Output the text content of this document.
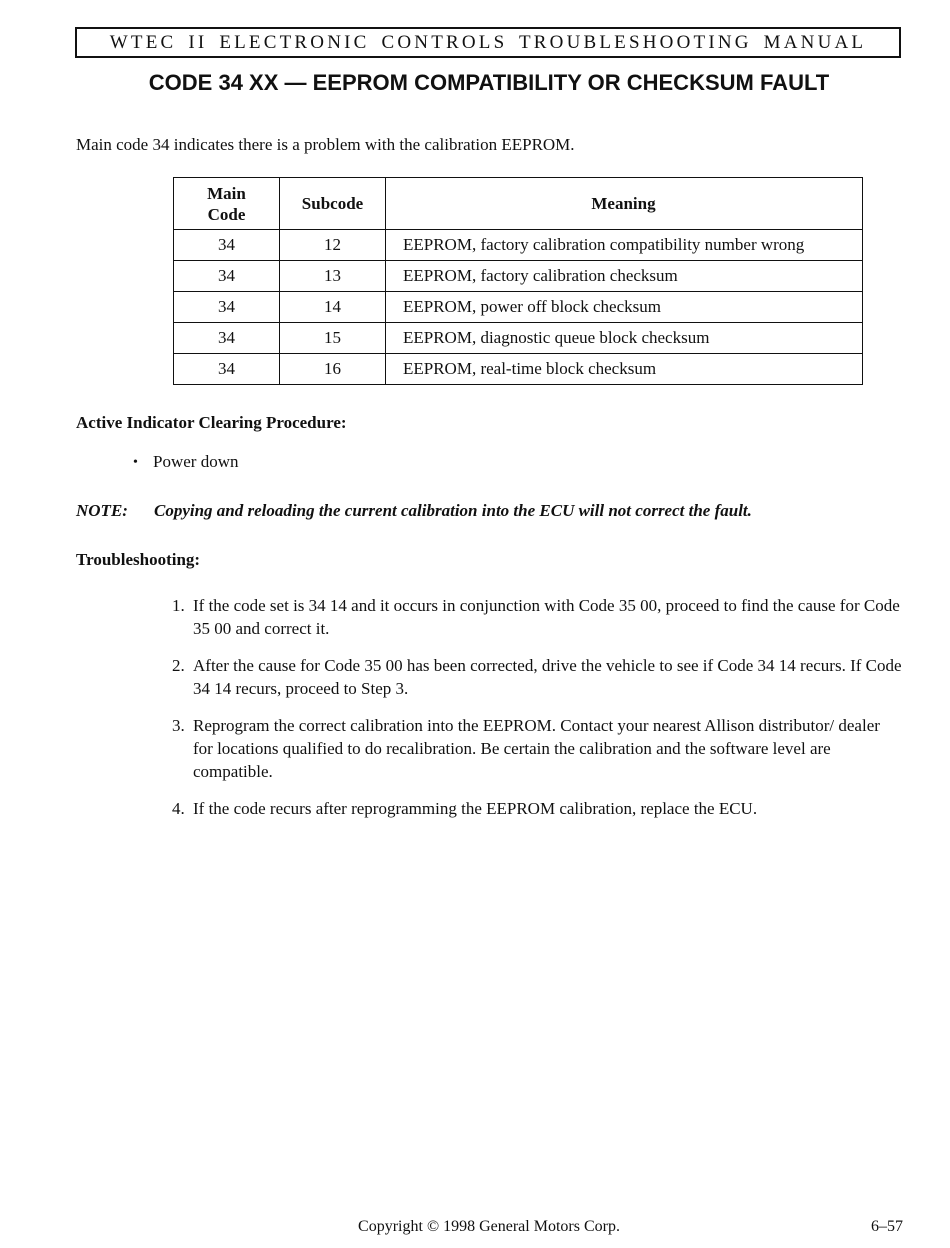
WTEC II ELECTRONIC CONTROLS TROUBLESHOOTING MANUAL
CODE 34 XX — EEPROM COMPATIBILITY OR CHECKSUM FAULT
Main code 34 indicates there is a problem with the calibration EEPROM.
Main
Code	Subcode	Meaning
34	12	EEPROM, factory calibration compatibility number wrong
34	13	EEPROM, factory calibration checksum
34	14	EEPROM, power off block checksum
34	15	EEPROM, diagnostic queue block checksum
34	16	EEPROM, real-time block checksum
Active Indicator Clearing Procedure:
• Power down
NOTE:	Copying and reloading the current calibration into the ECU will not correct the fault.
Troubleshooting:
1. If the code set is 34 14 and it occurs in conjunction with Code 35 00, proceed to find the cause for Code 35 00 and correct it.
2. After the cause for Code 35 00 has been corrected, drive the vehicle to see if Code 34 14 recurs. If Code 34 14 recurs, proceed to Step 3.
3. Reprogram the correct calibration into the EEPROM. Contact your nearest Allison distributor/ dealer for locations qualified to do recalibration. Be certain the calibration and the software level are compatible.
4. If the code recurs after reprogramming the EEPROM calibration, replace the ECU.
Copyright © 1998 General Motors Corp.	6–57
